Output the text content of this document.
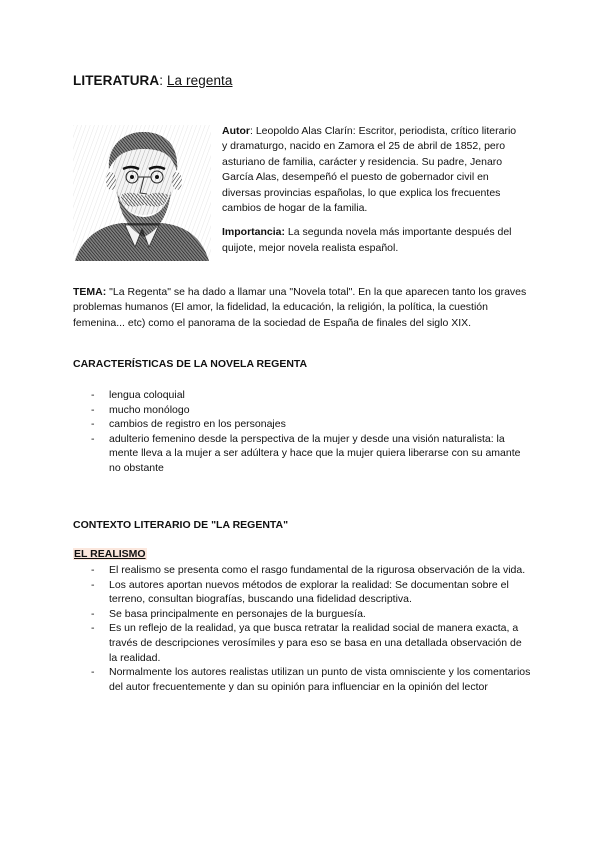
LITERATURA: La regenta

Autor: Leopoldo Alas Clarín: Escritor, periodista, crítico literario y dramaturgo, nacido en Zamora el 25 de abril de 1852, pero asturiano de familia, carácter y residencia. Su padre, Jenaro García Alas, desempeñó el puesto de gobernador civil en diversas provincias españolas, lo que explica los frecuentes cambios de hogar de la familia.

Importancia: La segunda novela más importante después del quijote, mejor novela realista español.

TEMA: "La Regenta" se ha dado a llamar una "Novela total". En la que aparecen tanto los graves problemas humanos (El amor, la fidelidad, la educación, la religión, la política, la cuestión femenina... etc) como el panorama de la sociedad de España de finales del siglo XIX.

CARACTERÍSTICAS DE LA NOVELA REGENTA
- lengua coloquial
- mucho monólogo
- cambios de registro en los personajes
- adulterio femenino desde la perspectiva de la mujer y desde una visión naturalista: la mente lleva a la mujer a ser adúltera y hace que la mujer quiera liberarse con su amante no obstante
CONTEXTO LITERARIO DE "LA REGENTA"
EL REALISMO
- El realismo se presenta como el rasgo fundamental de la rigurosa observación de la vida.
- Los autores aportan nuevos métodos de explorar la realidad: Se documentan sobre el terreno, consultan biografías, buscando una fidelidad descriptiva.
- Se basa principalmente en personajes de la burguesía.
- Es un reflejo de la realidad, ya que busca retratar la realidad social de manera exacta, a través de descripciones verosímiles y para eso se basa en una detallada observación de la realidad.
- Normalmente los autores realistas utilizan un punto de vista omnisciente y los comentarios del autor frecuentemente y dan su opinión para influenciar en la opinión del lector
